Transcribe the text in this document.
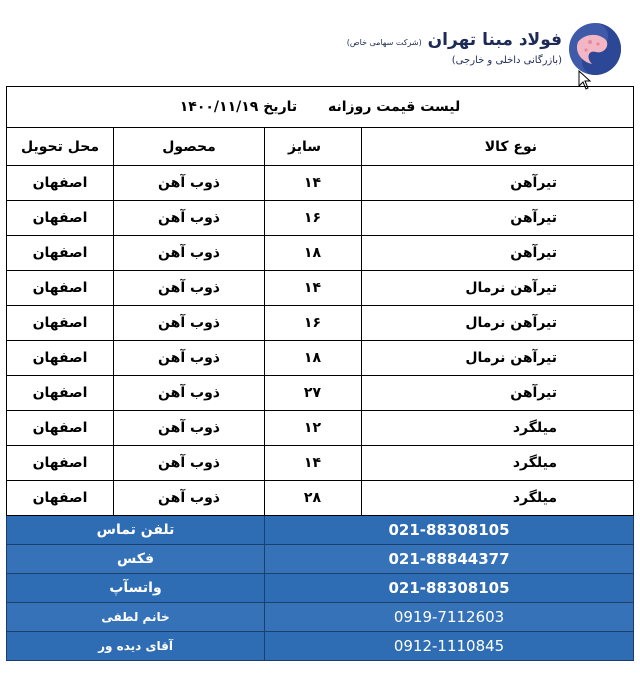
فولاد مبنا تهران (شرکت سهامی خاص)
(بازرگانی داخلی و خارجی)
لیست قیمت روزانه تاریخ ۱۴۰۰/۱۱/۱۹			
نوع کالا	سایز	محصول	محل تحویل
تیرآهن	۱۴	ذوب آهن	اصفهان
تیرآهن	۱۶	ذوب آهن	اصفهان
تیرآهن	۱۸	ذوب آهن	اصفهان
تیرآهن نرمال	۱۴	ذوب آهن	اصفهان
تیرآهن نرمال	۱۶	ذوب آهن	اصفهان
تیرآهن نرمال	۱۸	ذوب آهن	اصفهان
تیرآهن	۲۷	ذوب آهن	اصفهان
میلگرد	۱۲	ذوب آهن	اصفهان
میلگرد	۱۴	ذوب آهن	اصفهان
میلگرد	۲۸	ذوب آهن	اصفهان
021-88308105		تلفن تماس	
021-88844377		فکس	
021-88308105		واتسآپ	
0919-7112603		خانم لطفی	
0912-1110845		آقای دیده ور	
